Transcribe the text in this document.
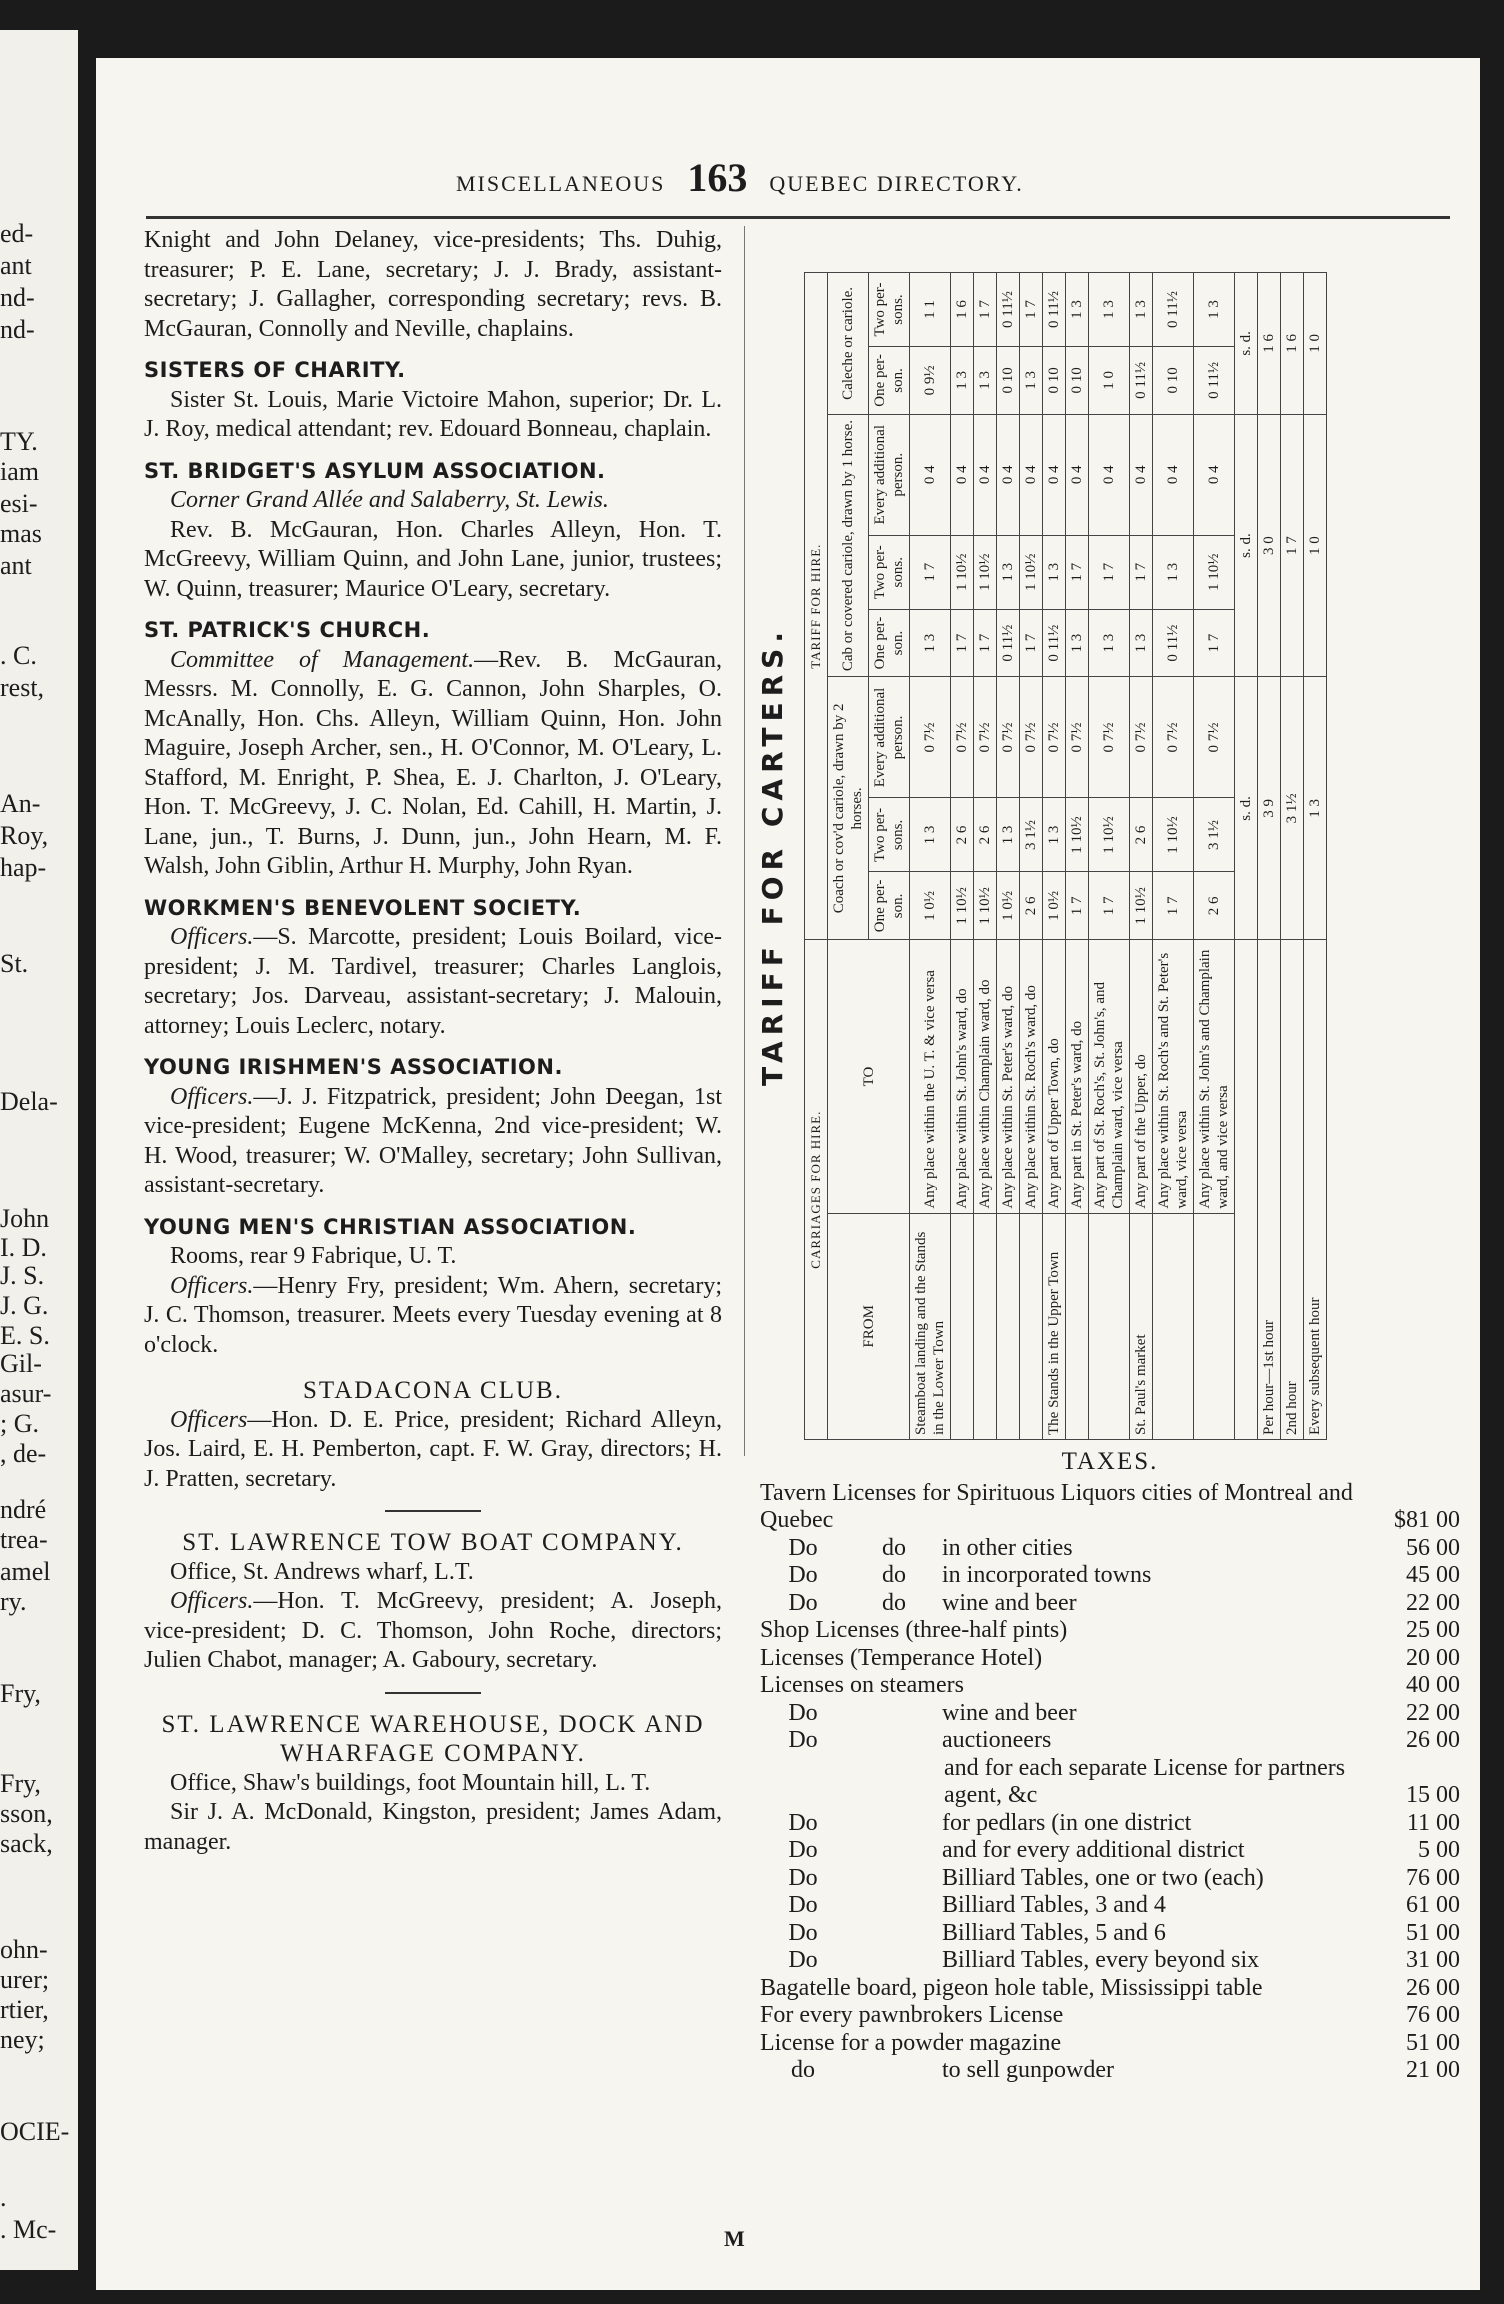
ed-
ant
nd-
nd-
TY.
iam
esi-
mas
ant
. C.
rest,
An-
Roy,
hap-
St.
Dela-
John
I. D.
J. S.
J. G.
E. S.
Gil-
asur-
; G.
, de-
ndré
trea-
amel
ry.
Fry,
Fry,
sson,
sack,
ohn-
urer;
rtier,
ney;
OCIE-
.
. Mc-
MISCELLANEOUS 163 QUEBEC DIRECTORY.

Knight and John Delaney, vice-presidents; Ths. Duhig, treasurer; P. E. Lane, secretary; J. J. Brady, assistant-secretary; J. Gallagher, corresponding secretary; revs. B. McGauran, Connolly and Neville, chaplains.

SISTERS OF CHARITY.

Sister St. Louis, Marie Victoire Mahon, superior; Dr. L. J. Roy, medical attendant; rev. Edouard Bonneau, chaplain.

ST. BRIDGET'S ASYLUM ASSOCIATION.

Corner Grand Allée and Salaberry, St. Lewis.

Rev. B. McGauran, Hon. Charles Alleyn, Hon. T. McGreevy, William Quinn, and John Lane, junior, trustees; W. Quinn, treasurer; Maurice O'Leary, secretary.

ST. PATRICK'S CHURCH.

Committee of Management.—Rev. B. McGauran, Messrs. M. Connolly, E. G. Cannon, John Sharples, O. McAnally, Hon. Chs. Alleyn, William Quinn, Hon. John Maguire, Joseph Archer, sen., H. O'Connor, M. O'Leary, L. Stafford, M. Enright, P. Shea, E. J. Charlton, J. O'Leary, Hon. T. McGreevy, J. C. Nolan, Ed. Cahill, H. Martin, J. Lane, jun., T. Burns, J. Dunn, jun., John Hearn, M. F. Walsh, John Giblin, Arthur H. Murphy, John Ryan.

WORKMEN'S BENEVOLENT SOCIETY.

Officers.—S. Marcotte, president; Louis Boilard, vice-president; J. M. Tardivel, treasurer; Charles Langlois, secretary; Jos. Darveau, assistant-secretary; J. Malouin, attorney; Louis Leclerc, notary.

YOUNG IRISHMEN'S ASSOCIATION.

Officers.—J. J. Fitzpatrick, president; John Deegan, 1st vice-president; Eugene McKenna, 2nd vice-president; W. H. Wood, treasurer; W. O'Malley, secretary; John Sullivan, assistant-secretary.

YOUNG MEN'S CHRISTIAN ASSOCIATION.

Rooms, rear 9 Fabrique, U. T.

Officers.—Henry Fry, president; Wm. Ahern, secretary; J. C. Thomson, treasurer. Meets every Tuesday evening at 8 o'clock.

STADACONA CLUB.

Officers—Hon. D. E. Price, president; Richard Alleyn, Jos. Laird, E. H. Pemberton, capt. F. W. Gray, directors; H. J. Pratten, secretary.

ST. LAWRENCE TOW BOAT COMPANY.

Office, St. Andrews wharf, L.T.

Officers.—Hon. T. McGreevy, president; A. Joseph, vice-president; D. C. Thomson, John Roche, directors; Julien Chabot, manager; A. Gaboury, secretary.

ST. LAWRENCE WAREHOUSE, DOCK AND WHARFAGE COMPANY.

Office, Shaw's buildings, foot Mountain hill, L. T.

Sir J. A. McDonald, Kingston, president; James Adam, manager.

TARIFF FOR CARTERS.
CARRIAGES FOR HIRE.		TARIFF FOR HIRE.							
FROM	TO	Coach or cov'd cariole, drawn by 2 horses.			Cab or covered cariole, drawn by 1 horse.			Caleche or cariole.	
		One per- son.	Two per- sons.	Every additional person.	One per- son.	Two per- sons.	Every additional person.	One per- son.	Two per- sons.
Steamboat landing and the Stands in the Lower Town	Any place within the U. T. & vice versa	1 0½	1 3	0 7½	1 3	1 7	0 4	0 9½	1 1
	Any place within St. John's ward, do	1 10½	2 6	0 7½	1 7	1 10½	0 4	1 3	1 6
	Any place within Champlain ward, do	1 10½	2 6	0 7½	1 7	1 10½	0 4	1 3	1 7
	Any place within St. Peter's ward, do	1 0½	1 3	0 7½	0 11½	1 3	0 4	0 10	0 11½
	Any place within St. Roch's ward, do	2 6	3 1½	0 7½	1 7	1 10½	0 4	1 3	1 7
The Stands in the Upper Town	Any part of Upper Town, do	1 0½	1 3	0 7½	0 11½	1 3	0 4	0 10	0 11½
	Any part in St. Peter's ward, do	1 7	1 10½	0 7½	1 3	1 7	0 4	0 10	1 3
	Any part of St. Roch's, St. John's, and Champlain ward, vice versa	1 7	1 10½	0 7½	1 3	1 7	0 4	1 0	1 3
St. Paul's market	Any part of the Upper, do	1 10½	2 6	0 7½	1 3	1 7	0 4	0 11½	1 3
	Any place within St. Roch's and St. Peter's ward, vice versa	1 7	1 10½	0 7½	0 11½	1 3	0 4	0 10	0 11½
	Any place within St. John's and Champlain ward, and vice versa	2 6	3 1½	0 7½	1 7	1 10½	0 4	0 11½	1 3
		s. d.			s. d.			s. d.	
Per hour—1st hour		3 9			3 0			1 6	
2nd hour		3 1½			1 7			1 6	
Every subsequent hour		1 3			1 0			1 0	
TAXES.
Tavern Licenses for Spirituous Liquors cities of Montreal and Quebec	$81 00
Do	do in other cities	56 00
Do	do in incorporated towns	45 00
Do	do wine and beer	22 00
Shop Licenses (three-half pints)	25 00
Licenses (Temperance Hotel)	20 00
Licenses on steamers	40 00
Do	wine and beer	22 00
Do	auctioneers	26 00
and for each separate License for partners agent, &c	15 00
Do	for pedlars (in one district	11 00
Do	and for every additional district	5 00
Do	Billiard Tables, one or two (each)	76 00
Do	Billiard Tables, 3 and 4	61 00
Do	Billiard Tables, 5 and 6	51 00
Do	Billiard Tables, every beyond six	31 00
Bagatelle board, pigeon hole table, Mississippi table	26 00
For every pawnbrokers License	76 00
License for a powder magazine	51 00
do	to sell gunpowder	21 00
M
